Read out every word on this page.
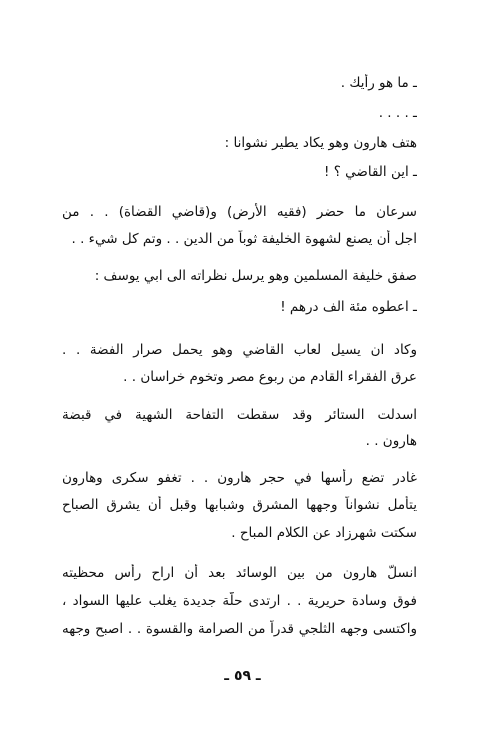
ـ ما هو رأيك .
ـ . . . .
هتف هارون وهو يكاد يطير نشوانا :
ـ اين القاضي ؟ !
سرعان ما حضر (فقيه الأرض) و(قاضي القضاة) . . من
اجل أن يصنع لشهوة الخليفة ثوباً من الدين . . وتم كل شيء . .
صفق خليفة المسلمين وهو يرسل نظراته الى ابي يوسف :
ـ اعطوه مئة الف درهم !
وكاد ان يسيل لعاب القاضي وهو يحمل صرار الفضة . .
عرق الفقراء القادم من ربوع مصر وتخوم خراسان . .
اسدلت الستائر وقد سقطت التفاحة الشهية في قبضة
هارون . .
غادر تضع رأسها في حجر هارون . . تغفو سكرى وهارون
يتأمل نشواناً وجهها المشرق وشبابها وقبل أن يشرق الصباح
سكتت شهرزاد عن الكلام المباح .
انسلّ هارون من بين الوسائد بعد أن اراح رأس محظيته
فوق وسادة حريرية . . ارتدى حلّة جديدة يغلب عليها السواد ،
واكتسى وجهه الثلجي قدراً من الصرامة والقسوة . . اصبح وجهه
ـ ٥٩ ـ
